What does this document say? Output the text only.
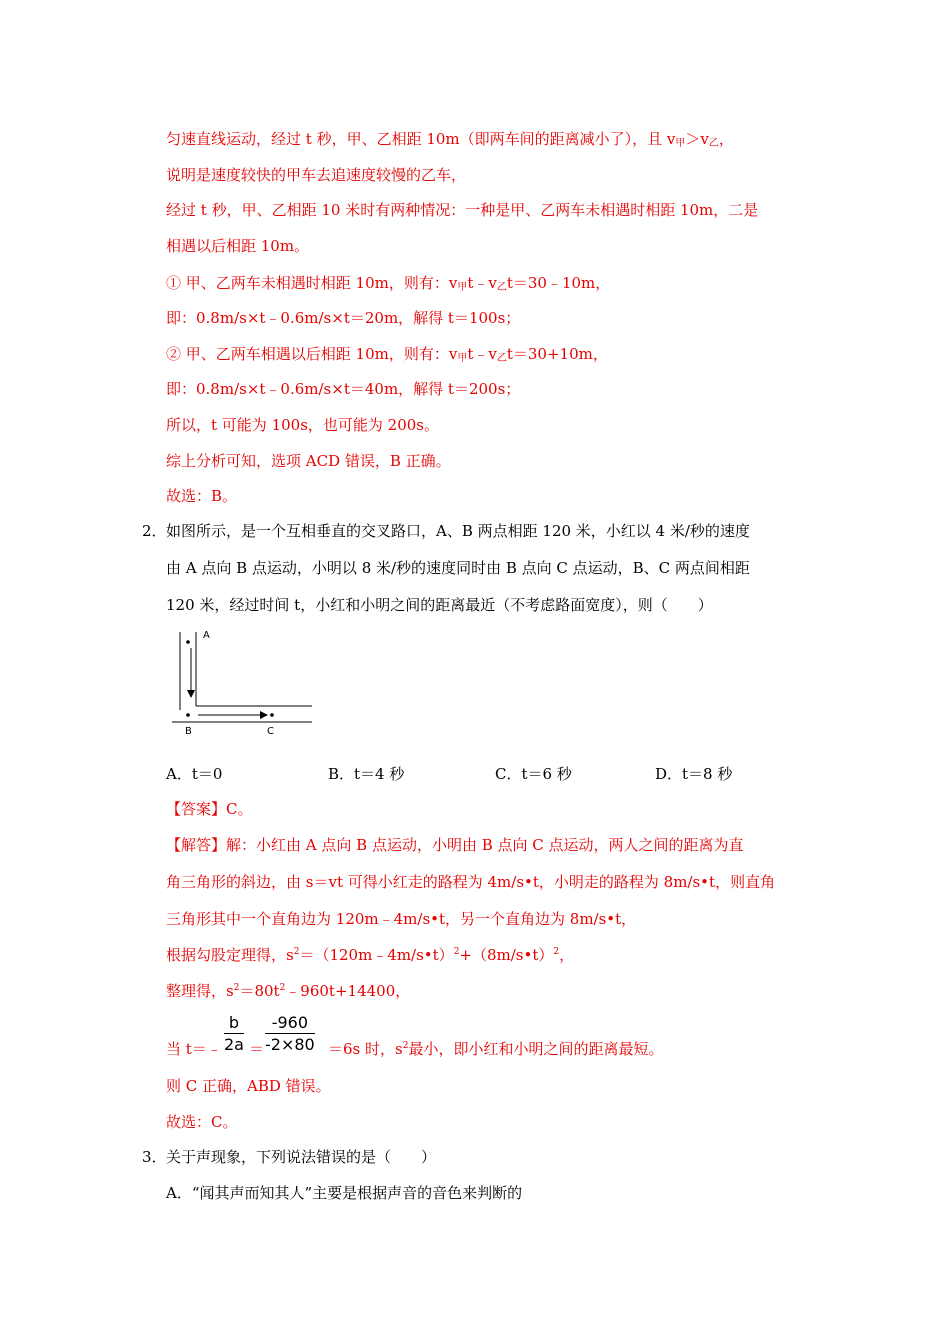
匀速直线运动，经过 t 秒，甲、乙相距 10m（即两车间的距离减小了），且 $v_甲>v_乙$，
说明是速度较快的甲车去追速度较慢的乙车，
经过 t 秒，甲、乙相距 10 米时有两种情况：一种是甲、乙两车未相遇时相距 10m，二是
相遇以后相距 10m。
① 甲、乙两车未相遇时相距 10m，则有：$v_甲t﹣v_乙t=30﹣10m$，
即：0.8m/s×t﹣0.6m/s×t＝20m，解得 t＝100s；
② 甲、乙两车相遇以后相距 10m，则有：$v_甲t﹣v_乙t=30+10m$，
即：0.8m/s×t﹣0.6m/s×t＝40m，解得 t＝200s；
所以，t 可能为 100s，也可能为 200s。
综上分析可知，选项 ACD 错误，B 正确。
故选：B。
2． 如图所示，是一个互相垂直的交叉路口，A、B 两点相距 120 米，小红以 4 米/秒的速度
由 A 点向 B 点运动，小明以 8 米/秒的速度同时由 B 点向 C 点运动，B、C 两点间相距
120 米，经过时间 t，小红和小明之间的距离最近（不考虑路面宽度），则（　　）
A
B	C
A．t＝0	B．t＝4 秒	C．t＝6 秒	D．t＝8 秒
【答案】C。
【解答】解：小红由 A 点向 B 点运动，小明由 B 点向 C 点运动，两人之间的距离为直
角三角形的斜边，由 s＝vt 可得小红走的路程为 4m/s•t，小明走的路程为 8m/s•t，则直角
三角形其中一个直角边为 120m﹣4m/s•t，另一个直角边为 8m/s•t，
根据勾股定理得，$s^2=(120m﹣4m/s•t)^2+(8m/s•t)^2$，
整理得，$s^2=80t^2﹣960t+14400$，
当 t＝﹣ $\frac{b}{2a} = \frac{-960}{-2\times 80} =6s$ 时，$s^2$最小，即小红和小明之间的距离最短。
则 C 正确，ABD 错误。
故选：C。
3． 关于声现象，下列说法错误的是（　　）
A．“闻其声而知其人”主要是根据声音的音色来判断的
